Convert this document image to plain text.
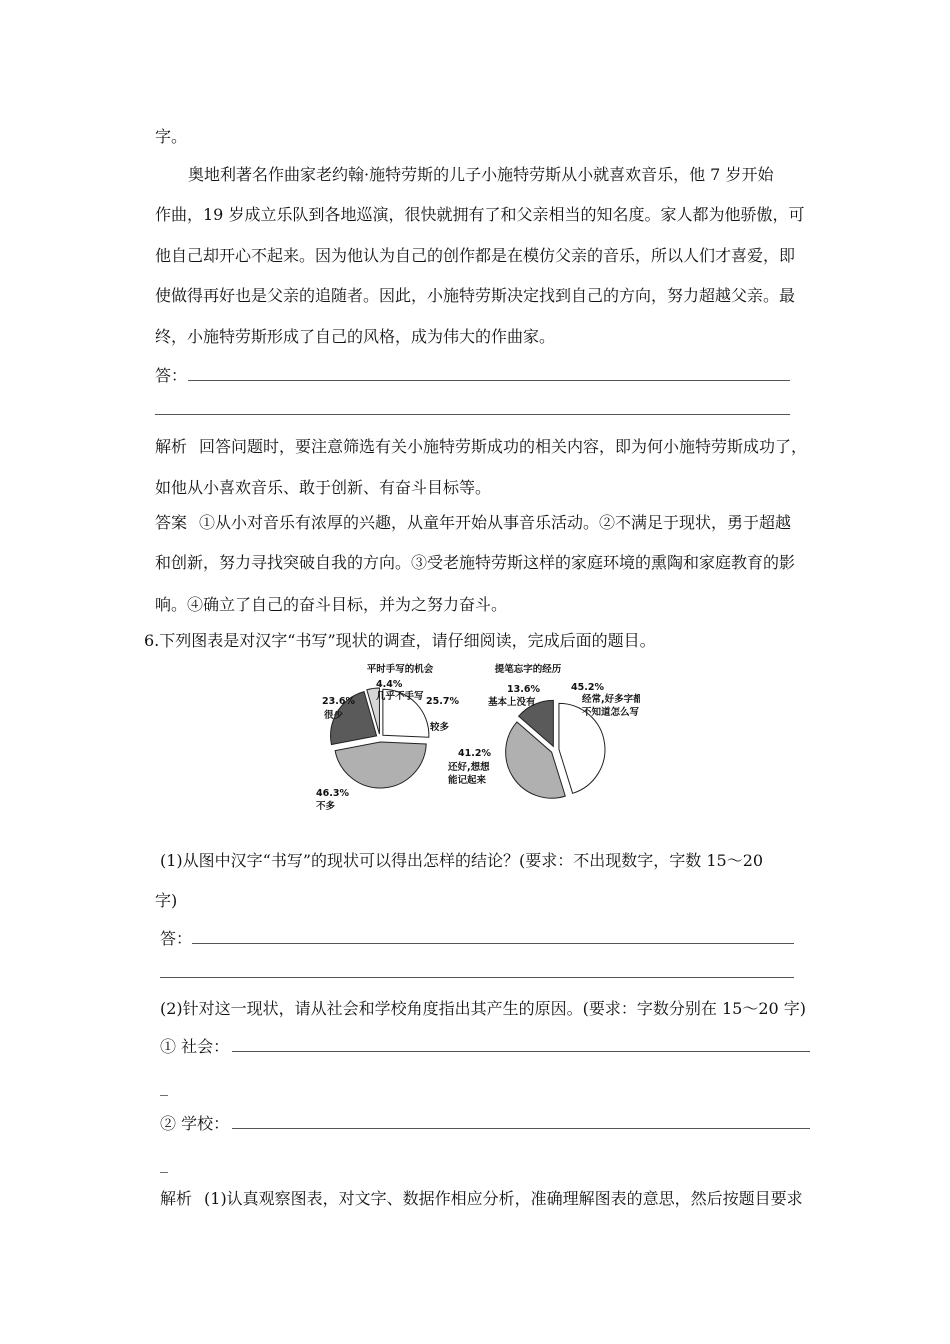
字。
奥地利著名作曲家老约翰·施特劳斯的儿子小施特劳斯从小就喜欢音乐，他 7 岁开始
作曲，19 岁成立乐队到各地巡演，很快就拥有了和父亲相当的知名度。家人都为他骄傲，可
他自己却开心不起来。因为他认为自己的创作都是在模仿父亲的音乐，所以人们才喜爱，即
使做得再好也是父亲的追随者。因此，小施特劳斯决定找到自己的方向，努力超越父亲。最
终，小施特劳斯形成了自己的风格，成为伟大的作曲家。
答：
解析 回答问题时，要注意筛选有关小施特劳斯成功的相关内容，即为何小施特劳斯成功了，
如他从小喜欢音乐、敢于创新、有奋斗目标等。
答案 ①从小对音乐有浓厚的兴趣，从童年开始从事音乐活动。②不满足于现状，勇于超越
和创新，努力寻找突破自我的方向。③受老施特劳斯这样的家庭环境的熏陶和家庭教育的影
响。④确立了自己的奋斗目标，并为之努力奋斗。
6.下列图表是对汉字“书写”现状的调查，请仔细阅读，完成后面的题目。
平时手写的机会
25.7%
较多
46.3%
不多
23.6%
很少
4.4%
几乎不手写
提笔忘字的经历
45.2%
经常,好多字都
不知道怎么写
41.2%
还好,想想
能记起来
13.6%
基本上没有
(1)从图中汉字“书写”的现状可以得出怎样的结论？(要求：不出现数字，字数 15～20
字)
答：
(2)针对这一现状，请从社会和学校角度指出其产生的原因。(要求：字数分别在 15～20 字)
① 社会：
_
② 学校：
_
解析 (1)认真观察图表，对文字、数据作相应分析，准确理解图表的意思，然后按题目要求
